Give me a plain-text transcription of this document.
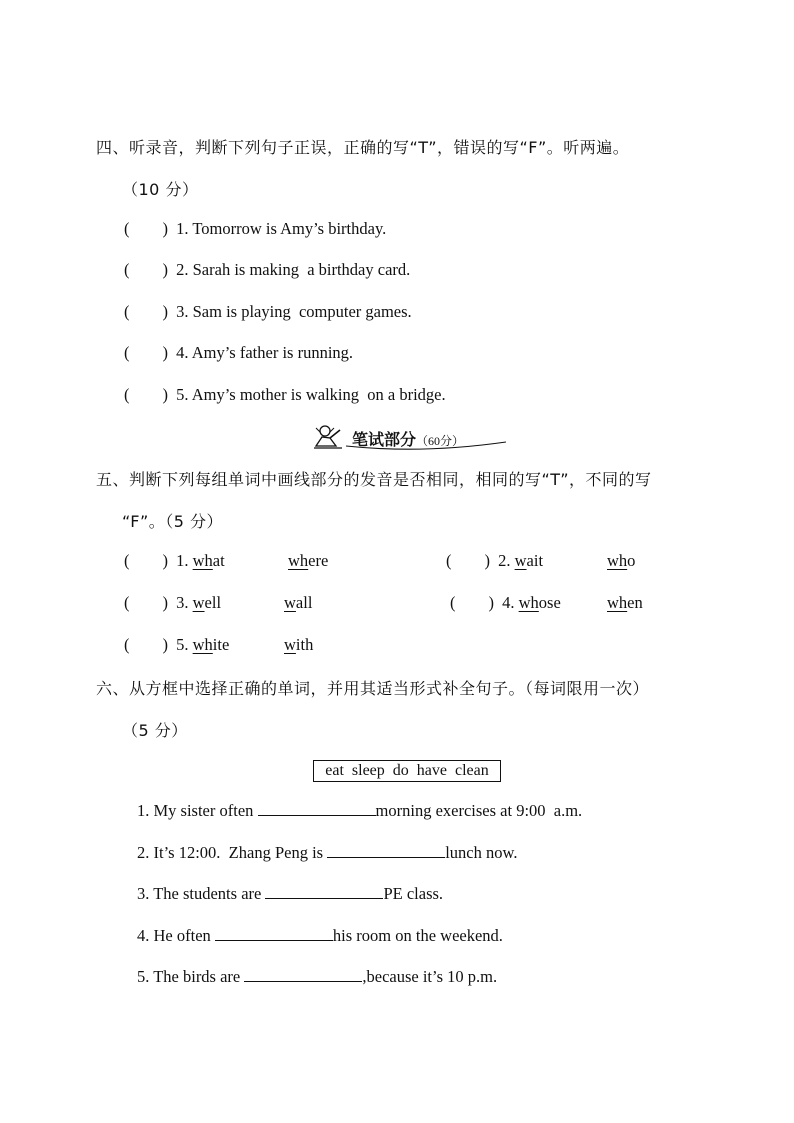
四、听录音，判断下列句子正误，正确的写“T”，错误的写“F”。听两遍。
（10 分）
(        ) 1. Tomorrow is Amy’s birthday.
(        ) 2. Sarah is making  a birthday card.
(        ) 3. Sam is playing  computer games.
(        ) 4. Amy’s father is running.
(        ) 5. Amy’s mother is walking  on a bridge.
笔试部分（60分）
五、判断下列每组单词中画线部分的发音是否相同，相同的写“T”，不同的写
“F”。（5 分）
(        ) 1. what	where	(        ) 2. wait	who
(        ) 3. well	wall	(        ) 4. whose	when
(        ) 5. white	with
六、从方框中选择正确的单词，并用其适当形式补全句子。（每词限用一次）
（5 分）
eat  sleep  do  have  clean
1. My sister often	morning exercises at 9:00  a.m.
2. It’s 12:00.  Zhang Peng is	lunch now.
3. The students are	PE class.
4. He often	his room on the weekend.
5. The birds are	,because it’s 10 p.m.
